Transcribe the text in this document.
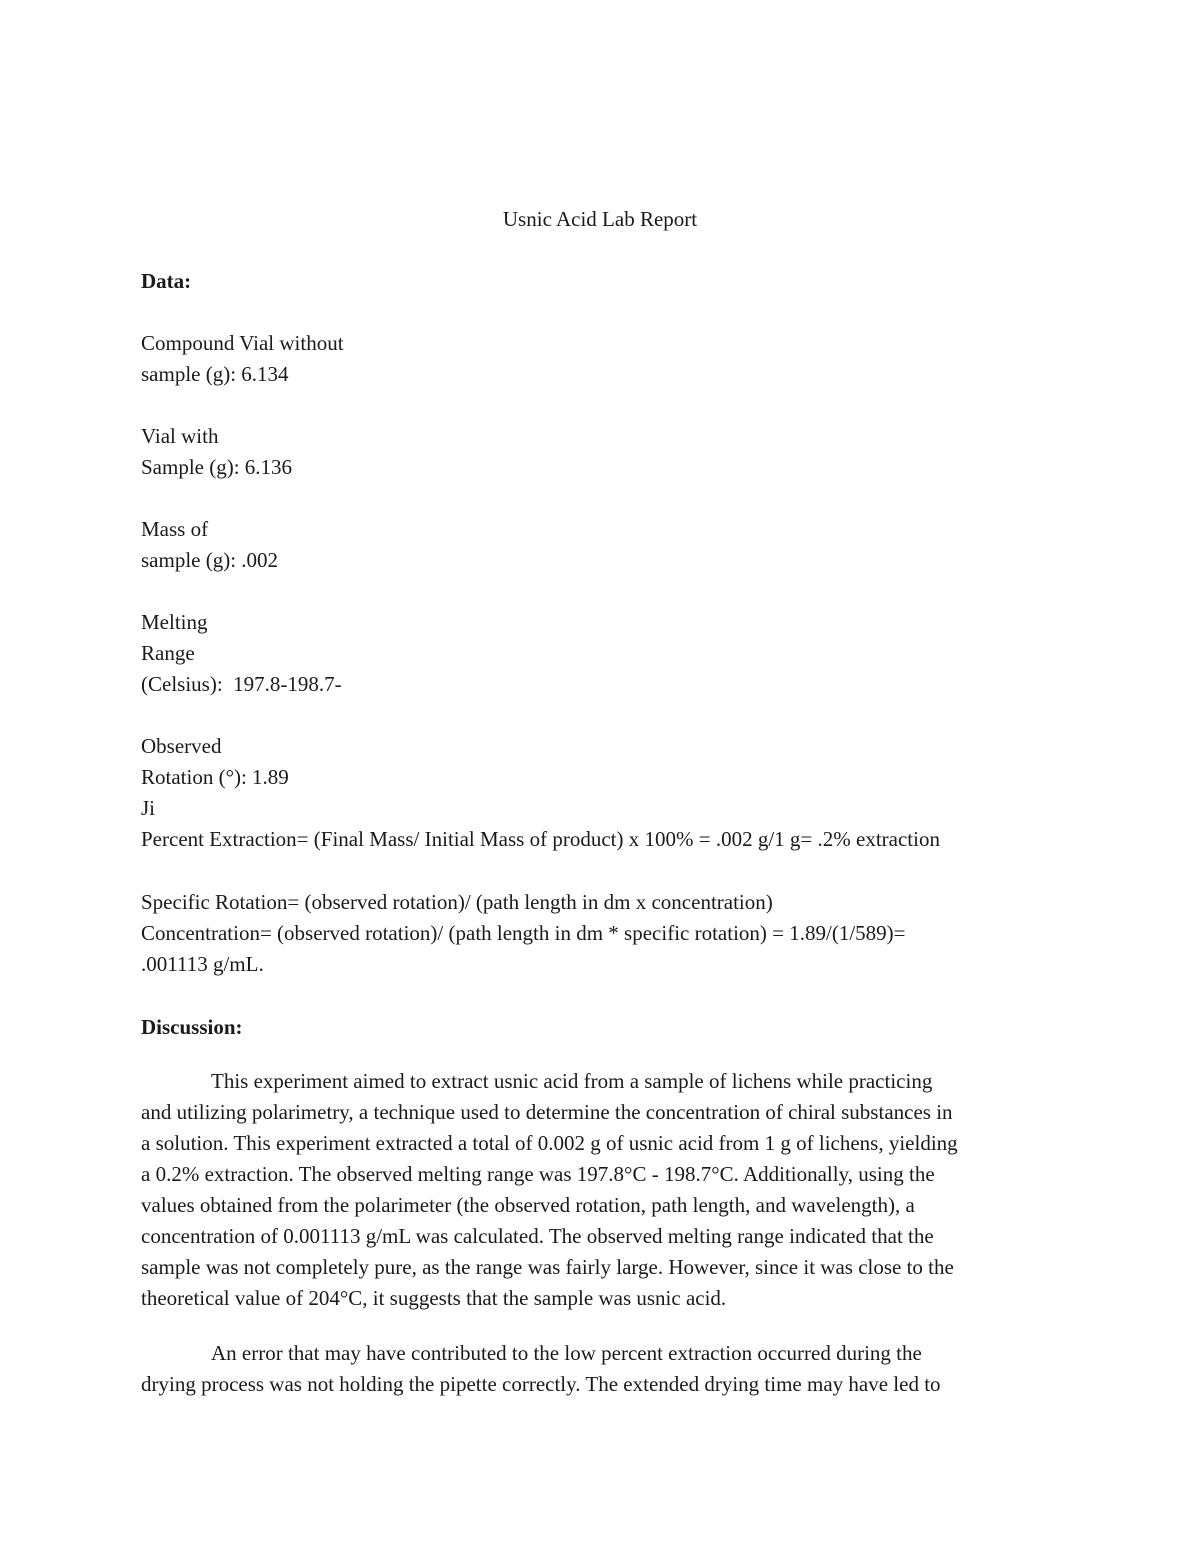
Usnic Acid Lab Report
Data:
Compound Vial without
sample (g): 6.134
Vial with
Sample (g): 6.136
Mass of
sample (g): .002
Melting
Range
(Celsius):  197.8-198.7-
Observed
Rotation (°): 1.89
Ji
Percent Extraction= (Final Mass/ Initial Mass of product) x 100% = .002 g/1 g= .2% extraction
Specific Rotation= (observed rotation)/ (path length in dm x concentration)
Concentration= (observed rotation)/ (path length in dm * specific rotation) = 1.89/(1/589)=
.001113 g/mL.
Discussion:
This experiment aimed to extract usnic acid from a sample of lichens while practicing
and utilizing polarimetry, a technique used to determine the concentration of chiral substances in
a solution. This experiment extracted a total of 0.002 g of usnic acid from 1 g of lichens, yielding
a 0.2% extraction. The observed melting range was 197.8°C - 198.7°C. Additionally, using the
values obtained from the polarimeter (the observed rotation, path length, and wavelength), a
concentration of 0.001113 g/mL was calculated. The observed melting range indicated that the
sample was not completely pure, as the range was fairly large. However, since it was close to the
theoretical value of 204°C, it suggests that the sample was usnic acid.
An error that may have contributed to the low percent extraction occurred during the
drying process was not holding the pipette correctly. The extended drying time may have led to
